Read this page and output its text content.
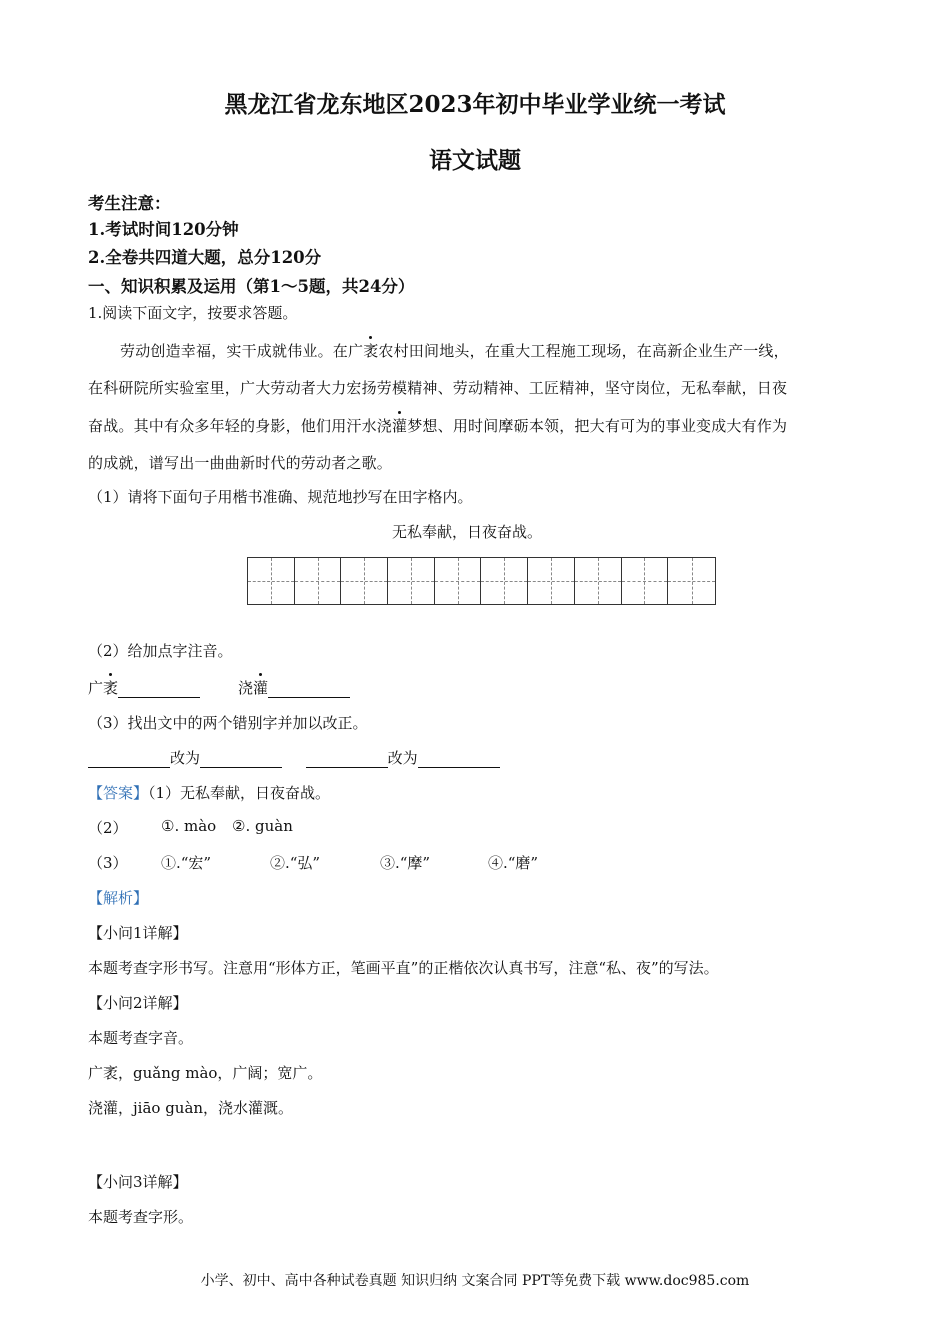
黑龙江省龙东地区2023年初中毕业学业统一考试
语文试题
考生注意：
1.考试时间120分钟
2.全卷共四道大题，总分120分
一、知识积累及运用（第1～5题，共24分）
1.阅读下面文字，按要求答题。
劳动创造幸福，实干成就伟业。在广袤农村田间地头，在重大工程施工现场，在高新企业生产一线，
在科研院所实验室里，广大劳动者大力宏扬劳模精神、劳动精神、工匠精神，坚守岗位，无私奉献，日夜
奋战。其中有众多年轻的身影，他们用汗水浇灌梦想、用时间摩砺本领，把大有可为的事业变成大有作为
的成就，谱写出一曲曲新时代的劳动者之歌。
（1）请将下面句子用楷书准确、规范地抄写在田字格内。
无私奉献，日夜奋战。
（2）给加点字注音。
广袤	浇灌
（3）找出文中的两个错别字并加以改正。
改为	改为
【答案】（1）无私奉献，日夜奋战。
（2） ①. mào ②. guàn
（3） ①.“宏”	②.“弘”	③.“摩”	④.“磨”
【解析】
【小问1详解】
本题考查字形书写。注意用“形体方正，笔画平直”的正楷依次认真书写，注意“私、夜”的写法。
【小问2详解】
本题考查字音。
广袤，guǎng mào，广阔；宽广。
浇灌，jiāo guàn，浇水灌溉。
【小问3详解】
本题考查字形。
小学、初中、高中各种试卷真题 知识归纳 文案合同 PPT等免费下载 www.doc985.com
